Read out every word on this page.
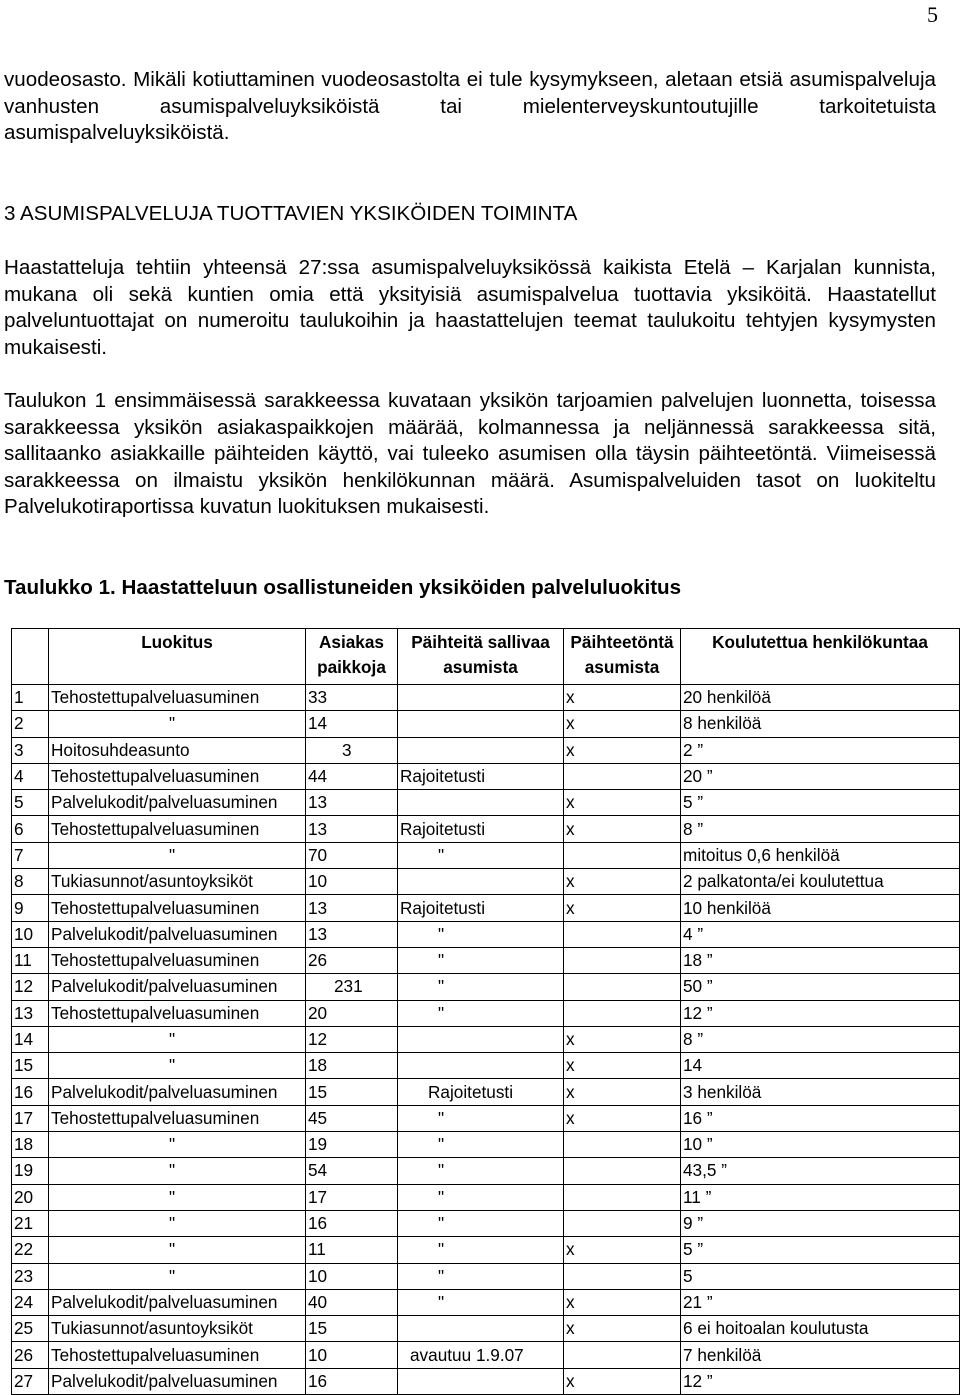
5

vuodeosasto. Mikäli kotiuttaminen vuodeosastolta ei tule kysymykseen, aletaan etsiä asumispalveluja vanhusten asumispalveluyksiköistä tai mielenterveyskuntoutujille tarkoitetuista asumispalveluyksiköistä.

3 ASUMISPALVELUJA TUOTTAVIEN YKSIKÖIDEN TOIMINTA

Haastatteluja tehtiin yhteensä 27:ssa asumispalveluyksikössä kaikista Etelä – Karjalan kunnista, mukana oli sekä kuntien omia että yksityisiä asumispalvelua tuottavia yksiköitä. Haastatellut palveluntuottajat on numeroitu taulukoihin ja haastattelujen teemat taulukoitu tehtyjen kysymysten mukaisesti.

Taulukon 1 ensimmäisessä sarakkeessa kuvataan yksikön tarjoamien palvelujen luonnetta, toisessa sarakkeessa yksikön asiakaspaikkojen määrää, kolmannessa ja neljännessä sarakkeessa sitä, sallitaanko asiakkaille päihteiden käyttö, vai tuleeko asumisen olla täysin päihteetöntä. Viimeisessä sarakkeessa on ilmaistu yksikön henkilökunnan määrä. Asumispalveluiden tasot on luokiteltu Palvelukotiraportissa kuvatun luokituksen mukaisesti.

Taulukko 1. Haastatteluun osallistuneiden yksiköiden palveluluokitus
	Luokitus	Asiakas paikkoja	Päihteitä sallivaa asumista	Päihteetöntä asumista	Koulutettua henkilökuntaa
1	Tehostettupalveluasuminen	33		x	20 henkilöä
2	"	14		x	8 henkilöä
3	Hoitosuhdeasunto	3		x	2 ”
4	Tehostettupalveluasuminen	44	Rajoitetusti		20 ”
5	Palvelukodit/palveluasuminen	13		x	5 ”
6	Tehostettupalveluasuminen	13	Rajoitetusti	x	8 ”
7	"	70	"		mitoitus 0,6 henkilöä
8	Tukiasunnot/asuntoyksiköt	10		x	2 palkatonta/ei koulutettua
9	Tehostettupalveluasuminen	13	Rajoitetusti	x	10 henkilöä
10	Palvelukodit/palveluasuminen	13	"		4 ”
11	Tehostettupalveluasuminen	26	"		18 ”
12	Palvelukodit/palveluasuminen	231	"		50 ”
13	Tehostettupalveluasuminen	20	"		12 ”
14	"	12		x	8 ”
15	"	18		x	14
16	Palvelukodit/palveluasuminen	15	Rajoitetusti	x	3 henkilöä
17	Tehostettupalveluasuminen	45	"	x	16 ”
18	"	19	"		10 ”
19	"	54	"		43,5 ”
20	"	17	"		11 ”
21	"	16	"		9 ”
22	"	11	"	x	5 ”
23	"	10	"		5
24	Palvelukodit/palveluasuminen	40	"	x	21 ”
25	Tukiasunnot/asuntoyksiköt	15		x	6 ei hoitoalan koulutusta
26	Tehostettupalveluasuminen	10	avautuu 1.9.07		7 henkilöä
27	Palvelukodit/palveluasuminen	16		x	12 ”
